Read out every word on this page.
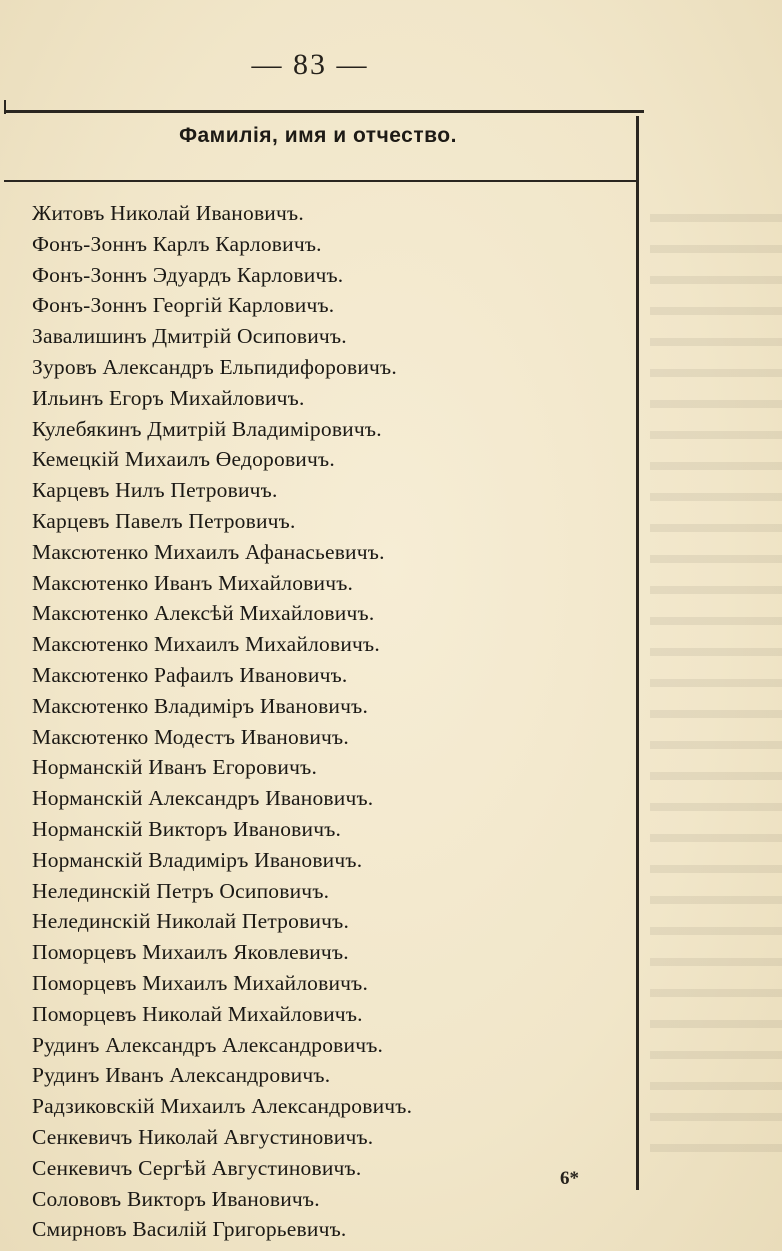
— 83 —
Фамилія, имя и отчество.
Житовъ Николай Ивановичъ.
Фонъ-Зоннъ Карлъ Карловичъ.
Фонъ-Зоннъ Эдуардъ Карловичъ.
Фонъ-Зоннъ Георгій Карловичъ.
Завалишинъ Дмитрій Осиповичъ.
Зуровъ Александръ Ельпидифоровичъ.
Ильинъ Егоръ Михайловичъ.
Кулебякинъ Дмитрій Владиміровичъ.
Кемецкій Михаилъ Өедоровичъ.
Карцевъ Нилъ Петровичъ.
Карцевъ Павелъ Петровичъ.
Максютенко Михаилъ Афанасьевичъ.
Максютенко Иванъ Михайловичъ.
Максютенко Алексѣй Михайловичъ.
Максютенко Михаилъ Михайловичъ.
Максютенко Рафаилъ Ивановичъ.
Максютенко Владиміръ Ивановичъ.
Максютенко Модестъ Ивановичъ.
Норманскій Иванъ Егоровичъ.
Норманскій Александръ Ивановичъ.
Норманскій Викторъ Ивановичъ.
Норманскій Владиміръ Ивановичъ.
Нелединскій Петръ Осиповичъ.
Нелединскій Николай Петровичъ.
Поморцевъ Михаилъ Яковлевичъ.
Поморцевъ Михаилъ Михайловичъ.
Поморцевъ Николай Михайловичъ.
Рудинъ Александръ Александровичъ.
Рудинъ Иванъ Александровичъ.
Радзиковскій Михаилъ Александровичъ.
Сенкевичъ Николай Августиновичъ.
Сенкевичъ Сергѣй Августиновичъ.
Солововъ Викторъ Ивановичъ.
Смирновъ Василій Григорьевичъ.
6*
